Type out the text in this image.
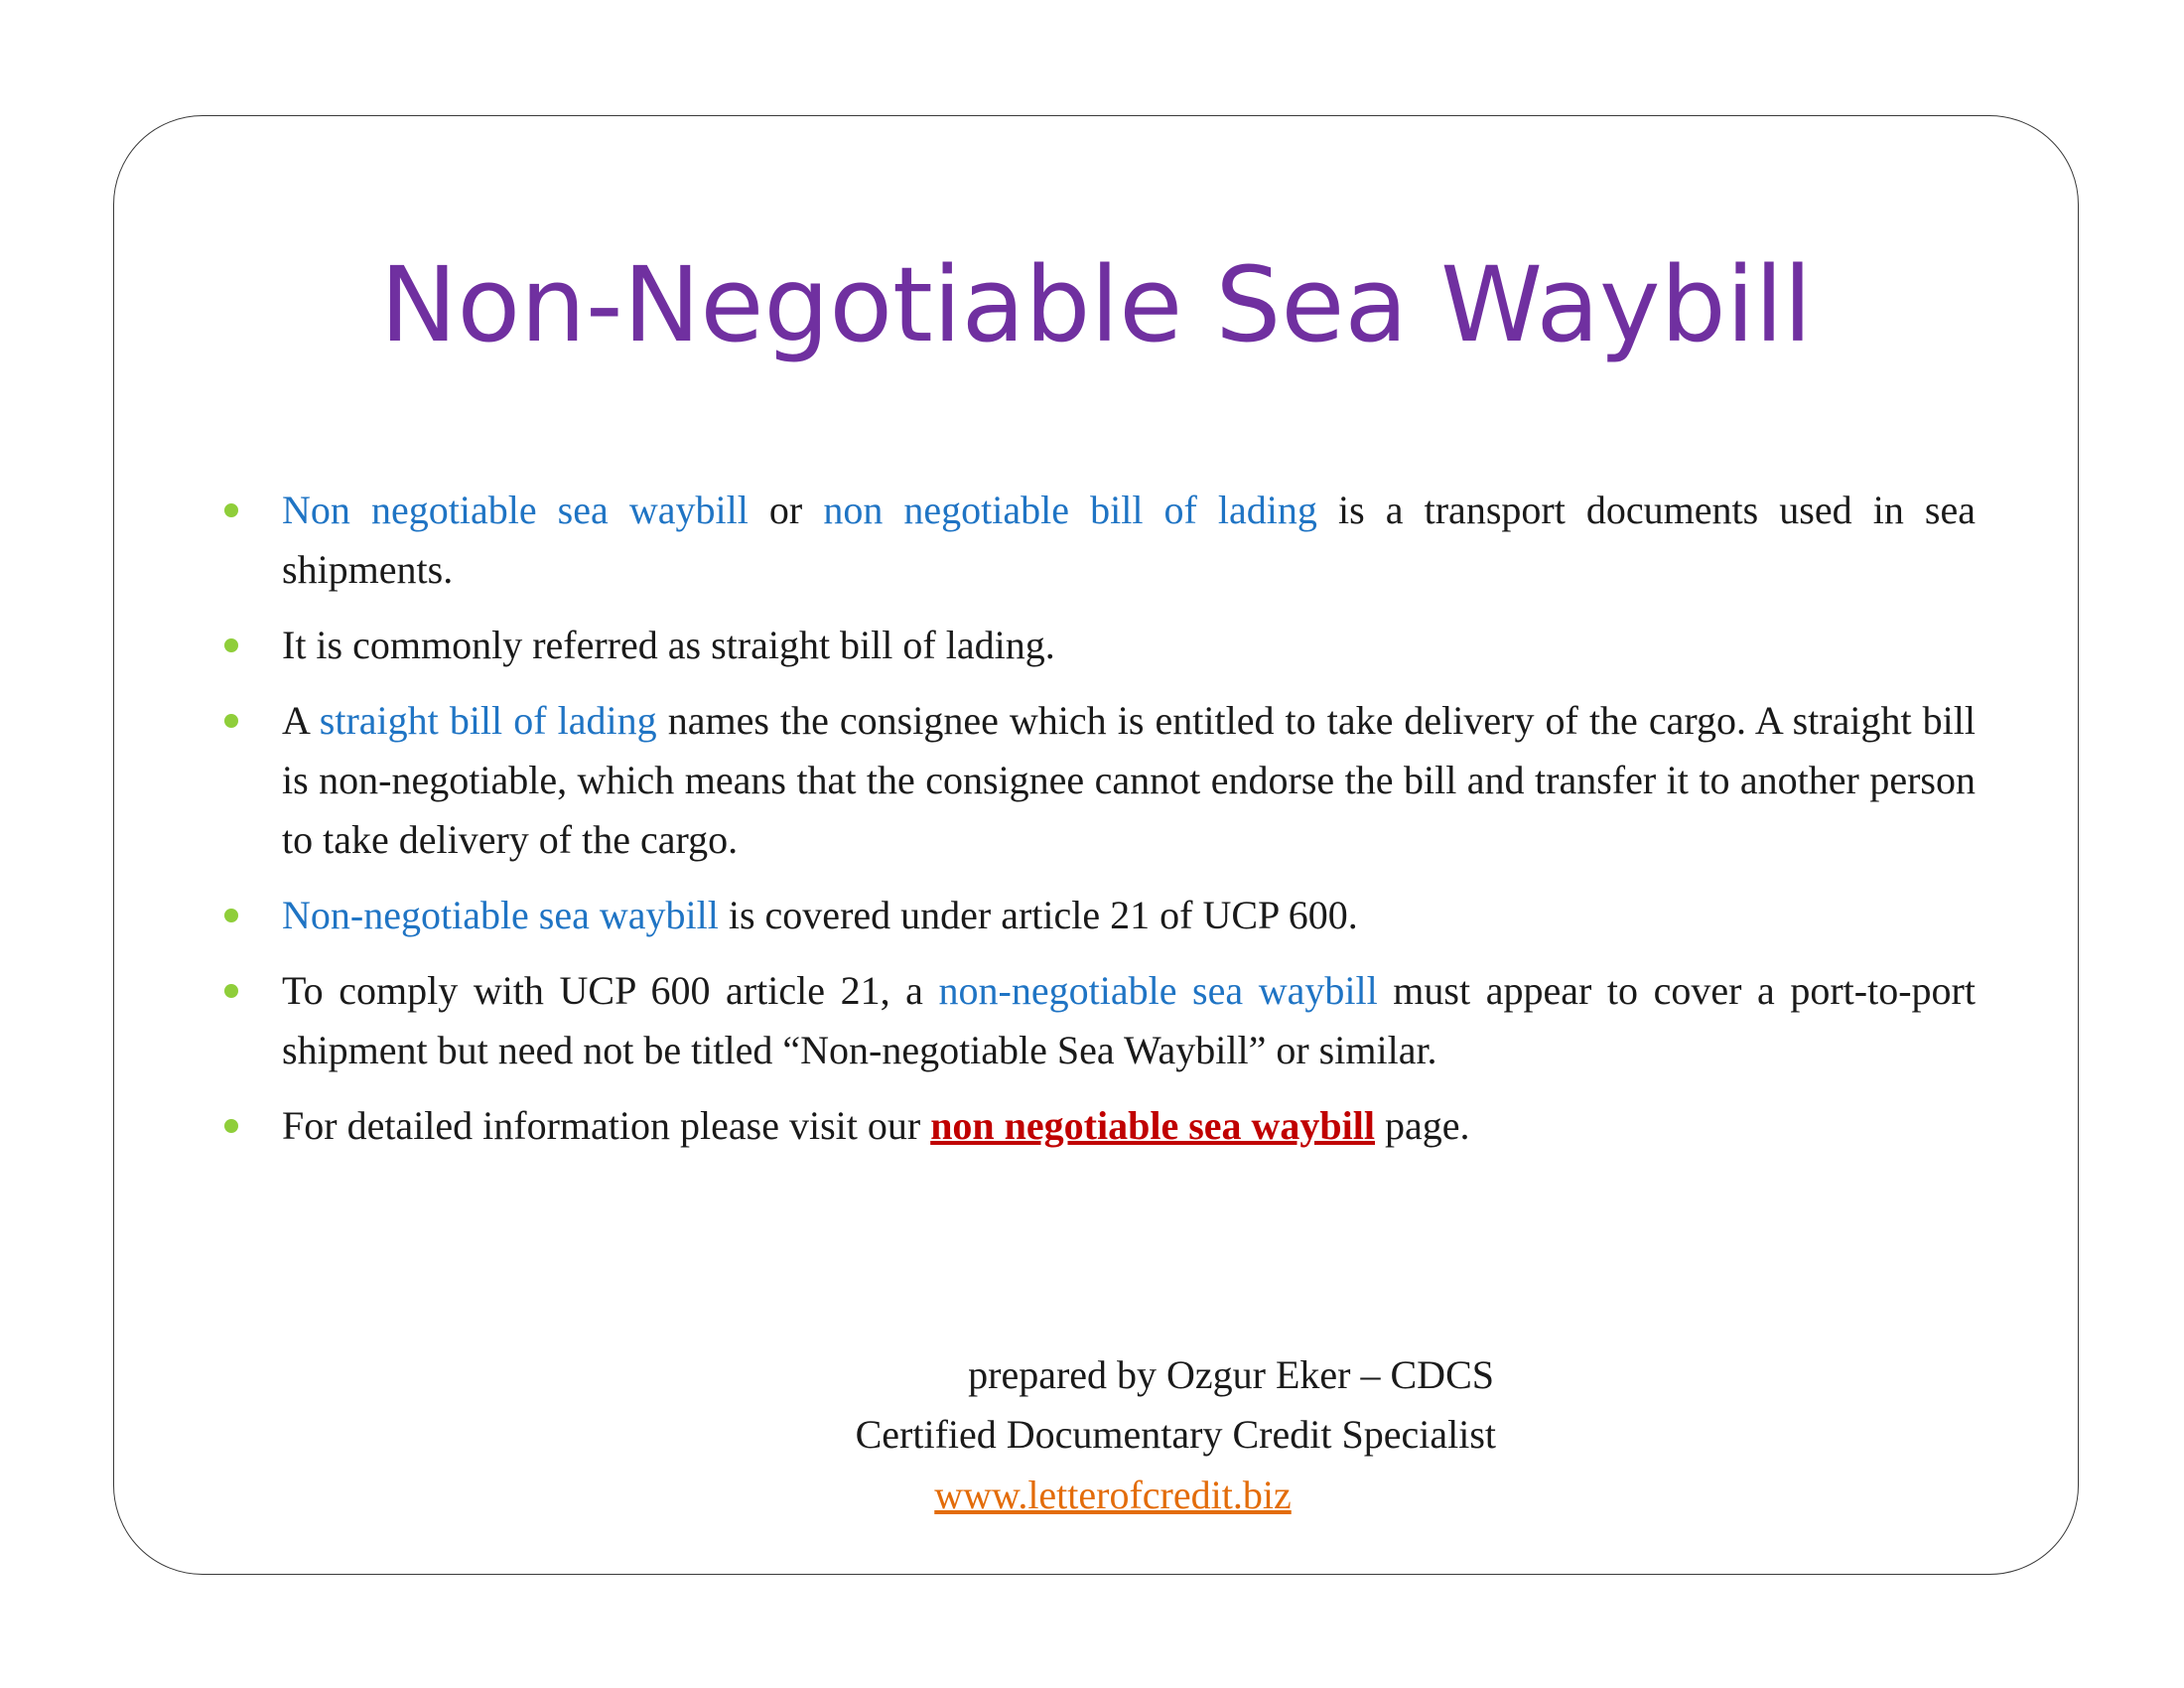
Non-Negotiable Sea Waybill
Non negotiable sea waybill or non negotiable bill of lading is a transport documents used in sea shipments.
It is commonly referred as straight bill of lading.
A straight bill of lading names the consignee which is entitled to take delivery of the cargo. A straight bill is non-negotiable, which means that the consignee cannot endorse the bill and transfer it to another person to take delivery of the cargo.
Non-negotiable sea waybill is covered under article 21 of UCP 600.
To comply with UCP 600 article 21, a non-negotiable sea waybill must appear to cover a port-to-port shipment but need not be titled “Non-negotiable Sea Waybill” or similar.
For detailed information please visit our non negotiable sea waybill page.
prepared by Ozgur Eker – CDCS
Certified Documentary Credit Specialist
www.letterofcredit.biz
